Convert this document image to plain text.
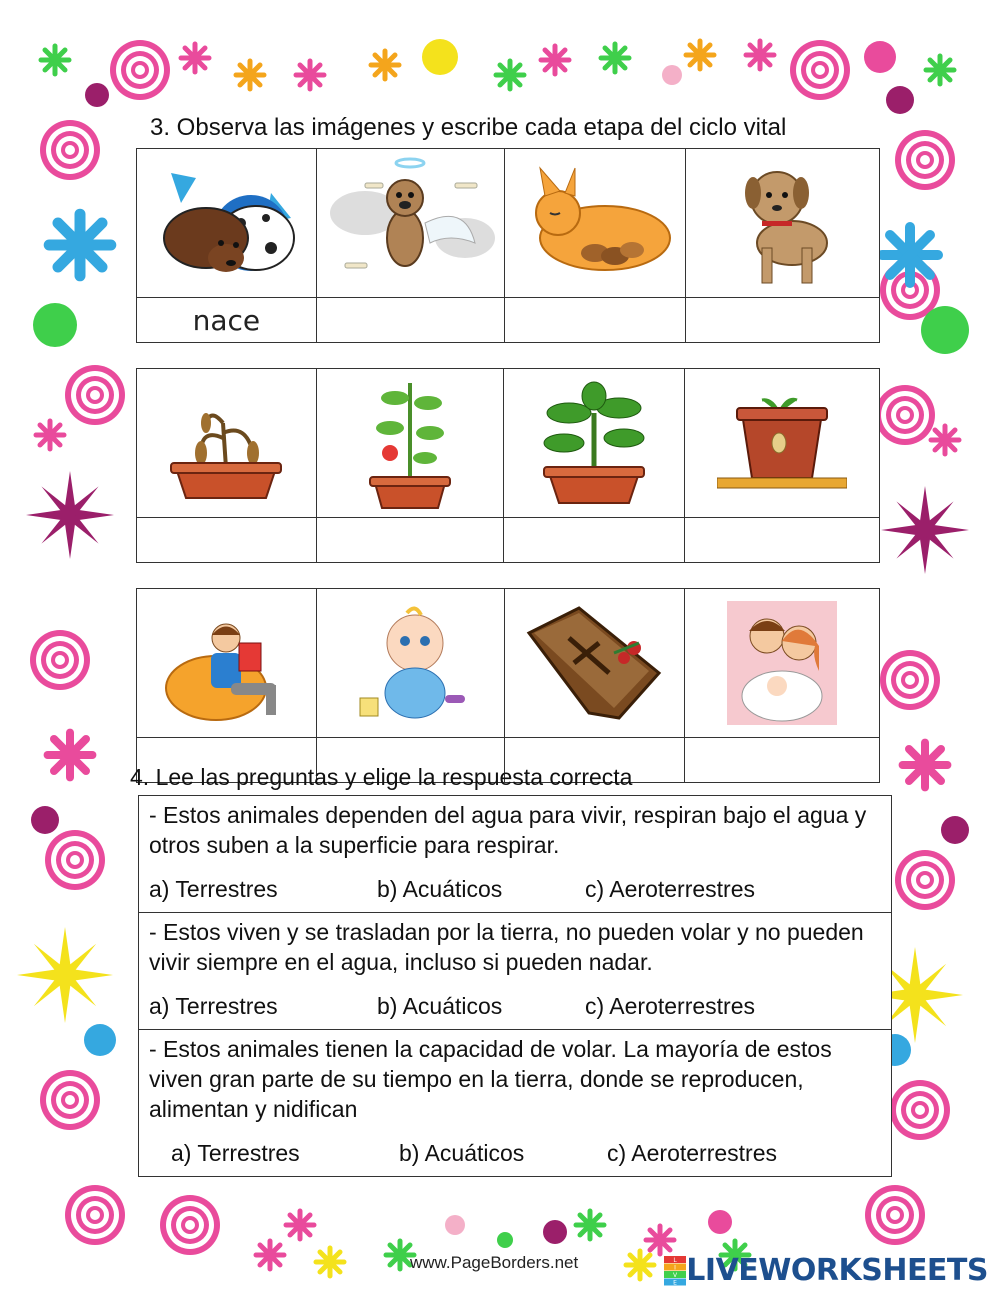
3. Observa las imágenes y escribe cada etapa del ciclo vital

nace			

4. Lee las preguntas y elige la respuesta correcta
- Estos animales dependen del agua para vivir, respiran bajo el agua y otros suben a la superficie para respirar.
a) Terrestres	b) Acuáticos	c) Aeroterrestres
- Estos viven y se trasladan por la tierra, no pueden volar y no pueden vivir siempre en el agua, incluso si pueden nadar.
a) Terrestres	b) Acuáticos	c) Aeroterrestres
- Estos animales tienen la capacidad de volar. La mayoría de estos viven gran parte de su tiempo en la tierra, donde se reproducen, alimentan y nidifican
a) Terrestres	b) Acuáticos	c) Aeroterrestres
www.PageBorders.net	L
I
V
E LIVEWORKSHEETS
